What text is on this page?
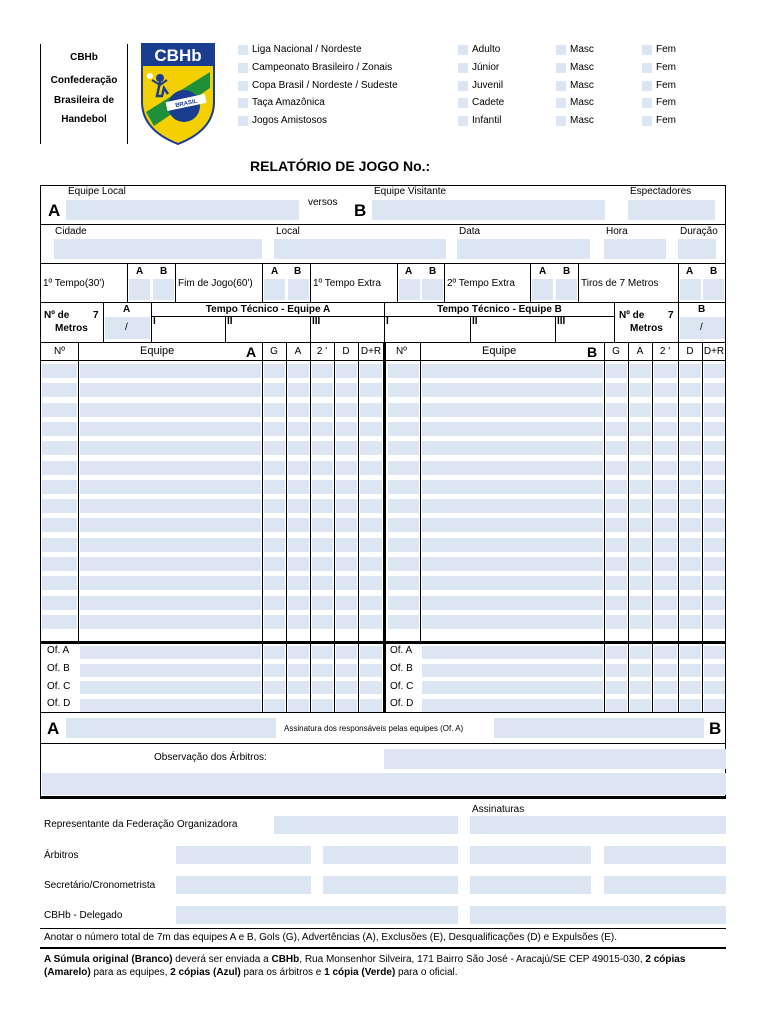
CBHb
Confederação
Brasileira de
Handebol
CBHb
BRASIL
Liga Nacional / Nordeste
Campeonato Brasileiro / Zonais
Copa Brasil / Nordeste / Sudeste
Taça Amazônica
Jogos Amistosos
Adulto
Júnior
Juvenil
Cadete
Infantil
Masc
Masc
Masc
Masc
Masc
Fem
Fem
Fem
Fem
Fem
RELATÓRIO DE JOGO No.:
Equipe Local	Equipe Visitante	Espectadores
A	versos B
Cidade	Local	Data	Hora	Duração
1º Tempo(30')
A B
Fim de Jogo(60')
A B
1º Tempo Extra
A B
2º Tempo Extra
A B
Tiros de 7 Metros
A B
Nº de 7
Metros
A
/
Tempo Técnico - Equipe A
I	II	III
Tempo Técnico - Equipe B
I	II	III
Nº de 7
Metros
B
/
Nº	Equipe	A	G	A	2 '	D	D+R Nº	Equipe	B	G	A	2 '	D	D+R
Of. A
Of. B
Of. C
Of. D
Of. A
Of. B
Of. C
Of. D
A	Assinatura dos responsáveis pelas equipes (Of. A)	B
Observação dos Árbitros:
Assinaturas
Representante da Federação Organizadora
Árbitros
Secretário/Cronometrista
CBHb - Delegado
Anotar o número total de 7m das equipes A e B, Gols (G), Advertências (A), Exclusões (E), Desqualificações (D) e Expulsões (E).
A Súmula original (Branco) deverá ser enviada a CBHb, Rua Monsenhor Silveira, 171 Bairro São José - Aracajú/SE CEP 49015-030, 2 cópias
(Amarelo) para as equipes, 2 cópias (Azul) para os árbitros e 1 cópia (Verde) para o oficial.
